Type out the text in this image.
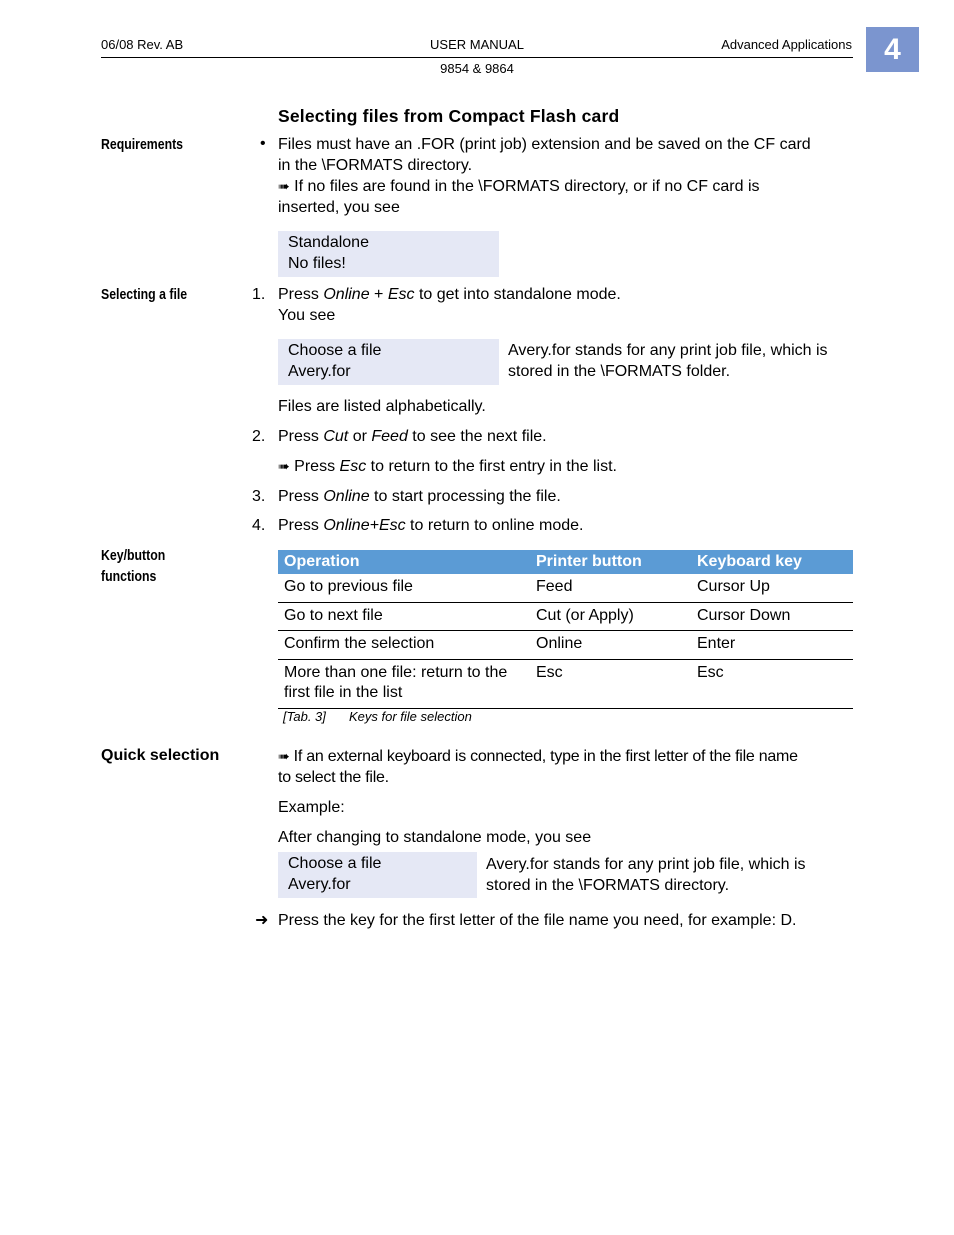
06/08 Rev. AB	USER MANUAL	Advanced Applications
9854 & 9864
4
Selecting files from Compact Flash card
Requirements	• Files must have an .FOR (print job) extension and be saved on the CF card
in the \FORMATS directory.
➠ If no files are found in the \FORMATS directory, or if no CF card is
inserted, you see
Standalone
No files!
Selecting a file	1. Press Online + Esc to get into standalone mode.
You see
Choose a file
Avery.for
Avery.for stands for any print job file, which is
stored in the \FORMATS folder.
Files are listed alphabetically.
2. Press Cut or Feed to see the next file.
➠ Press Esc to return to the first entry in the list.
3. Press Online to start processing the file.
4. Press Online+Esc to return to online mode.
Key/button
functions
Operation	Printer button	Keyboard key
Go to previous file	Feed	Cursor Up
Go to next file	Cut (or Apply)	Cursor Down
Confirm the selection	Online	Enter
More than one file: return to the first file in the list	Esc	Esc
[Tab. 3] Keys for file selection
Quick selection	➠ If an external keyboard is connected, type in the first letter of the file name
to select the file.
Example:
After changing to standalone mode, you see
Choose a file
Avery.for
Avery.for stands for any print job file, which is
stored in the \FORMATS directory.
➜ Press the key for the first letter of the file name you need, for example: D.
